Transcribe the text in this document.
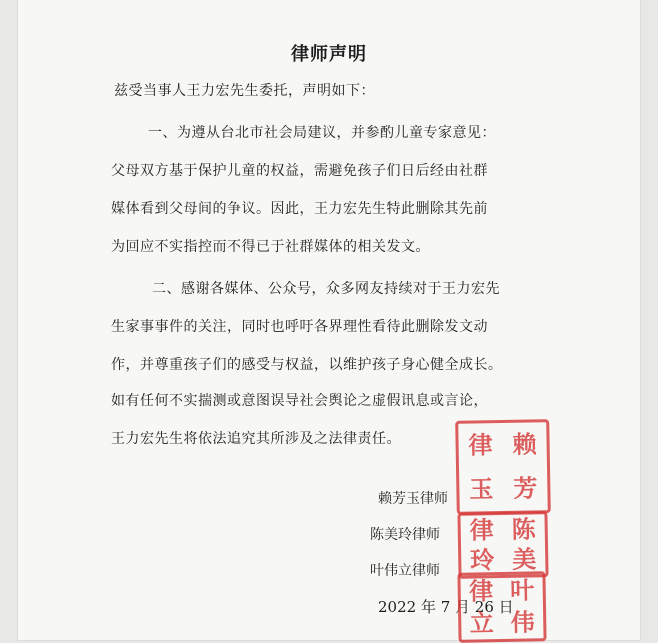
律师声明
兹受当事人王力宏先生委托，声明如下：
一、为遵从台北市社会局建议，并参酌儿童专家意见：
父母双方基于保护儿童的权益，需避免孩子们日后经由社群
媒体看到父母间的争议。因此，王力宏先生特此删除其先前
为回应不实指控而不得已于社群媒体的相关发文。
二、感谢各媒体、公众号，众多网友持续对于王力宏先
生家事事件的关注，同时也呼吁各界理性看待此删除发文动
作，并尊重孩子们的感受与权益，以维护孩子身心健全成长。
如有任何不实揣测或意图误导社会舆论之虚假讯息或言论，
王力宏先生将依法追究其所涉及之法律责任。
赖芳玉律师
陈美玲律师
叶伟立律师
2022 年 7 月 26 日
律 赖
玉 芳
律 陈
玲 美
律 叶
立 伟
